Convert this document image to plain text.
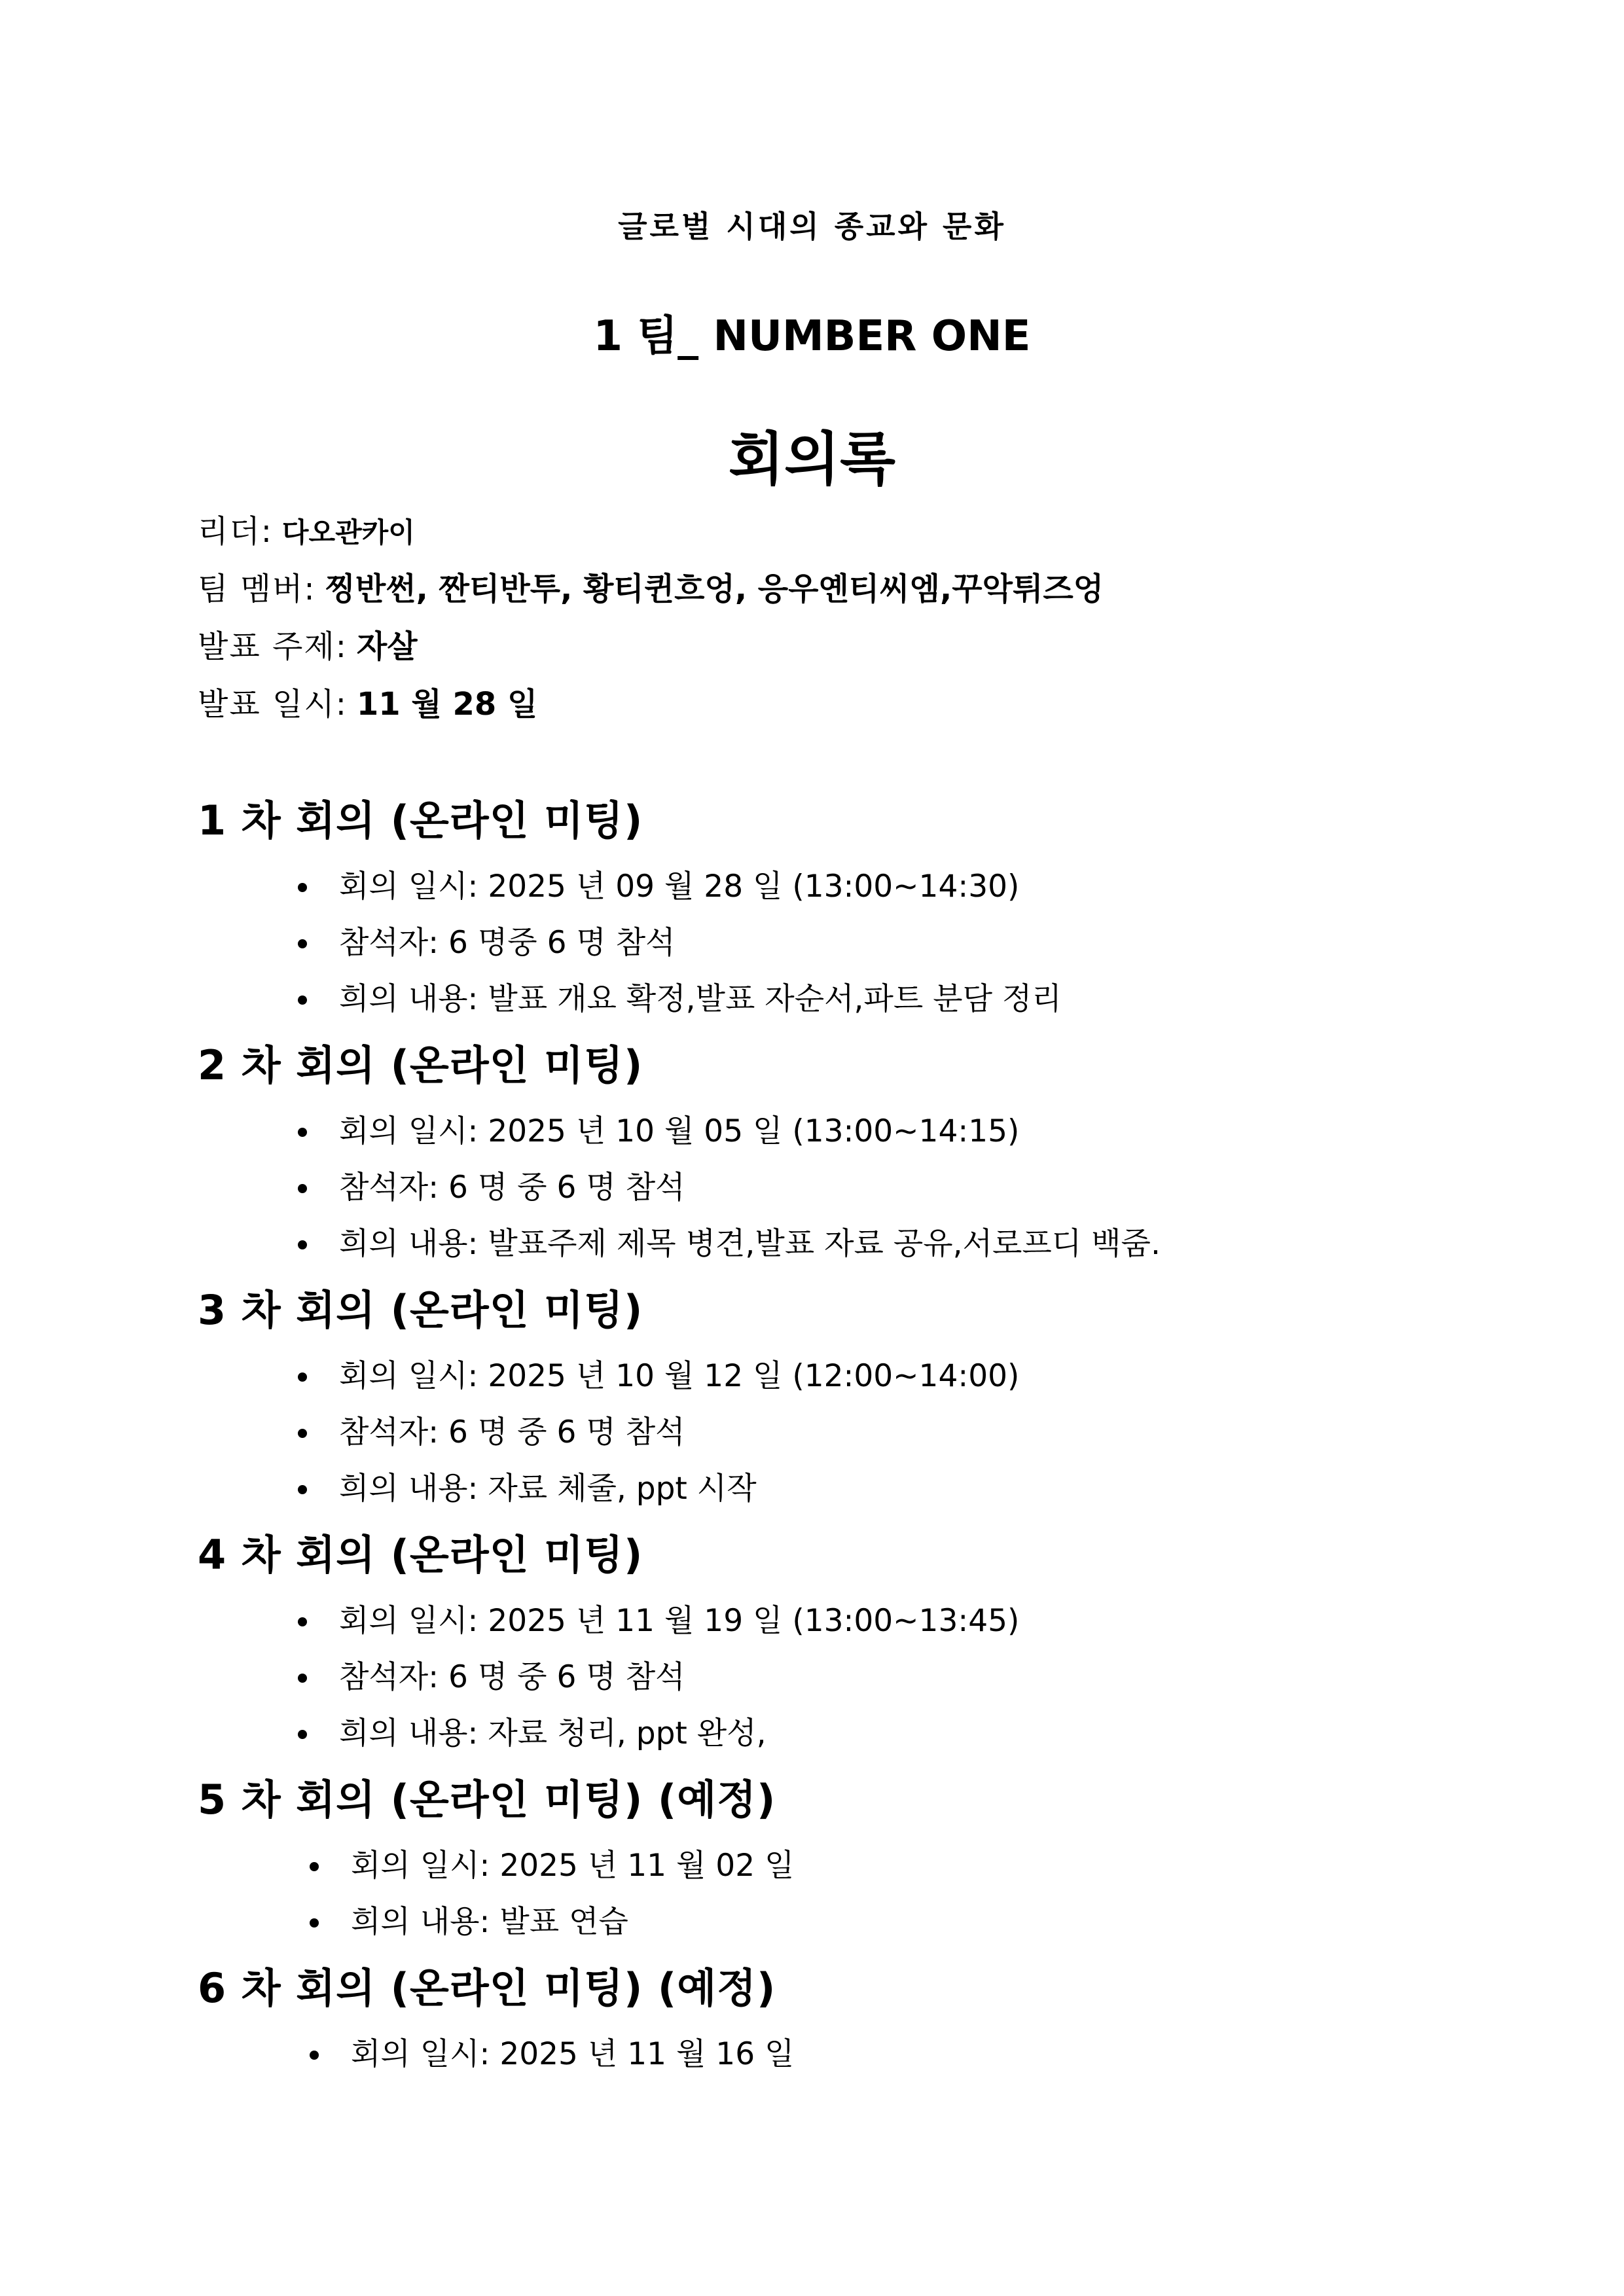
글로벌 시대의 종교와 문화
1 팀_ NUMBER ONE
회의록
리더: 다오관카이
팀 멤버: 찡반썬, 짠티반투, 황티퀸흐엉, 응우옌티씨엠,꾸악튀즈엉
발표 주제: 자살
발표 일시: 11 월 28 일
1 차 회의 (온라인 미팅)
회의 일시: 2025 년 09 월 28 일 (13:00~14:30)
참석자: 6 명중 6 명 참석
희의 내용: 발표 개요 확정,발표 자순서,파트 분담 정리
2 차 회의 (온라인 미팅)
회의 일시: 2025 년 10 월 05 일 (13:00~14:15)
참석자: 6 명 중 6 명 참석
희의 내용: 발표주제 제목 병견,발표 자료 공유,서로프디 백줌.
3 차 회의 (온라인 미팅)
회의 일시: 2025 년 10 월 12 일 (12:00~14:00)
참석자: 6 명 중 6 명 참석
희의 내용: 자료 체줄, ppt 시작
4 차 회의 (온라인 미팅)
회의 일시: 2025 년 11 월 19 일 (13:00~13:45)
참석자: 6 명 중 6 명 참석
희의 내용: 자료 청리, ppt 완성,
5 차 회의 (온라인 미팅) (예정)
회의 일시: 2025 년 11 월 02 일
희의 내용: 발표 연습
6 차 회의 (온라인 미팅) (예정)
회의 일시: 2025 년 11 월 16 일
